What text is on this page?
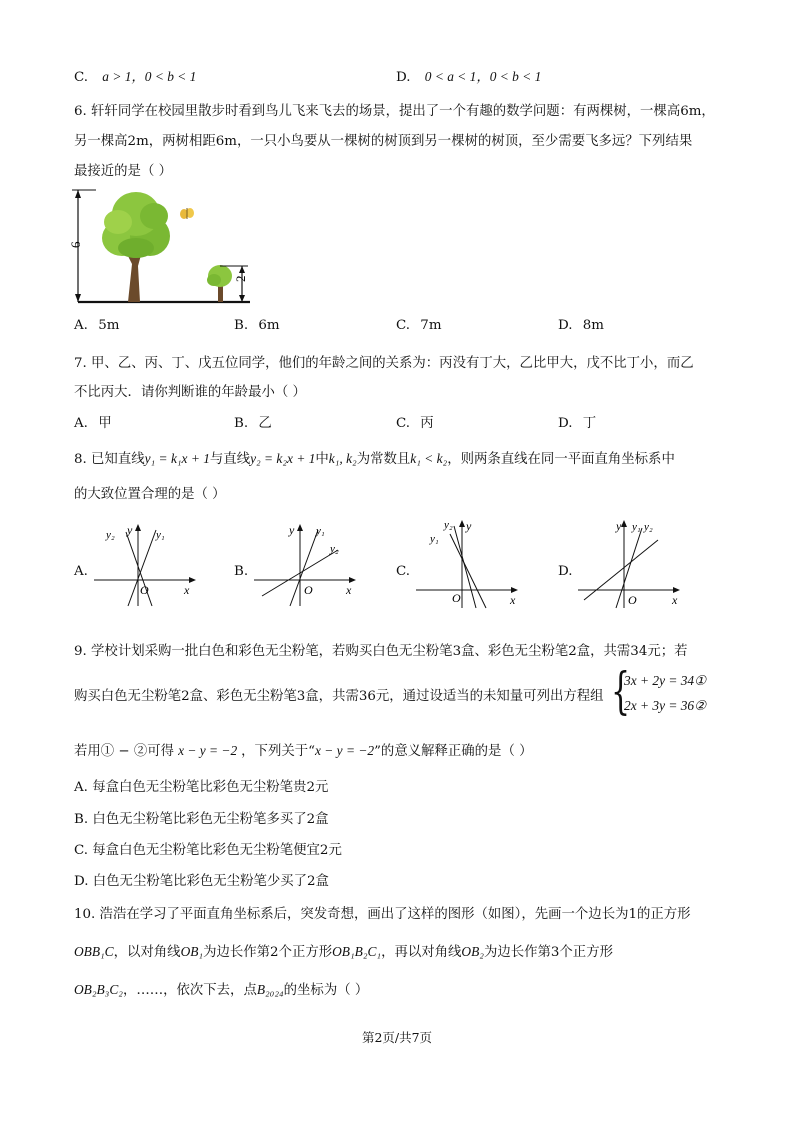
C. a > 1，0 < b < 1	D. 0 < a < 1，0 < b < 1
6. 轩轩同学在校园里散步时看到鸟儿飞来飞去的场景，提出了一个有趣的数学问题：有两棵树，一棵高6m，
另一棵高2m，两树相距6m，一只小鸟要从一棵树的树顶到另一棵树的树顶，至少需要飞多远？下列结果
最接近的是（ ）
6
2
A. 5m	B. 6m	C. 7m	D. 8m
7. 甲、乙、丙、丁、戊五位同学，他们的年龄之间的关系为：丙没有丁大，乙比甲大，戊不比丁小，而乙
不比丙大．请你判断谁的年龄最小（ ）
A. 甲	B. 乙	C. 丙	D. 丁
8. 已知直线y₁ = k₁x + 1与直线y₂ = k₂x + 1中k₁, k₂为常数且k₁ < k₂，则两条直线在同一平面直角坐标系中
的大致位置合理的是（ ）
A.
x
y
O
y₁
y₂
B.
x
y
O
y₁
y₂
C.
x
y
O
y₁
y₂
D.
x
y
O
y₁ y₂
9. 学校计划采购一批白色和彩色无尘粉笔，若购买白色无尘粉笔3盒、彩色无尘粉笔2盒，共需34元；若
购买白色无尘粉笔2盒、彩色无尘粉笔3盒，共需36元，通过设适当的未知量可列出方程组 {
3x + 2y = 34①
2x + 3y = 36②
若用① − ②可得 x − y = −2 ，下列关于“x − y = −2”的意义解释正确的是（ ）
A. 每盒白色无尘粉笔比彩色无尘粉笔贵2元
B. 白色无尘粉笔比彩色无尘粉笔多买了2盒
C. 每盒白色无尘粉笔比彩色无尘粉笔便宜2元
D. 白色无尘粉笔比彩色无尘粉笔少买了2盒
10. 浩浩在学习了平面直角坐标系后，突发奇想，画出了这样的图形（如图），先画一个边长为1的正方形
OBB₁C，以对角线OB₁为边长作第2个正方形OB₁B₂C₁，再以对角线OB₂为边长作第3个正方形
OB₂B₃C₂，……，依次下去，点B₂₀₂₄的坐标为（ ）
第2页/共7页
